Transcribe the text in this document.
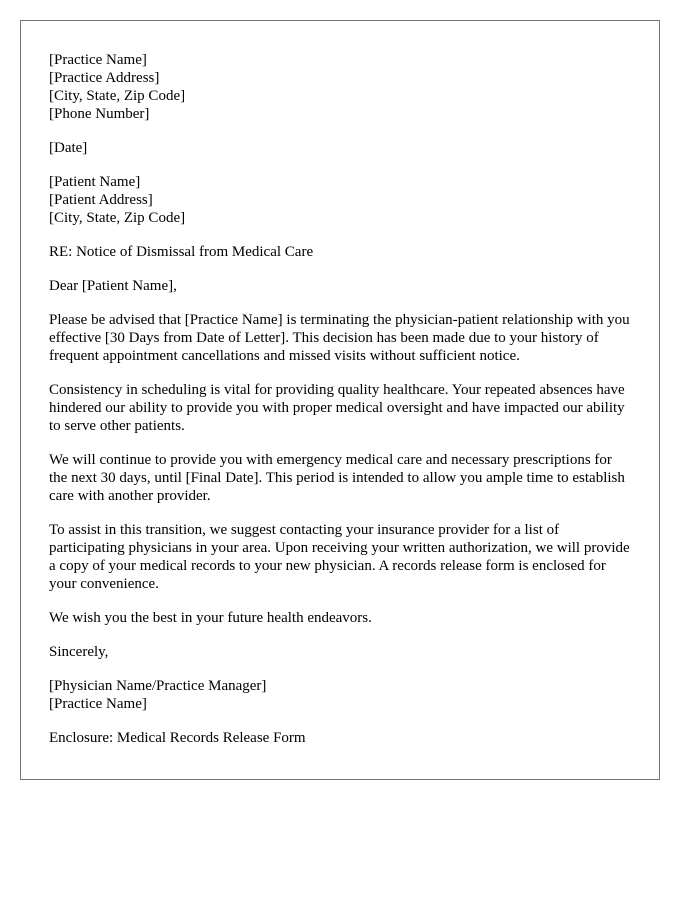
[Practice Name]
[Practice Address]
[City, State, Zip Code]
[Phone Number]
[Date]
[Patient Name]
[Patient Address]
[City, State, Zip Code]
RE: Notice of Dismissal from Medical Care
Dear [Patient Name],

Please be advised that [Practice Name] is terminating the physician-patient relationship with you effective [30 Days from Date of Letter]. This decision has been made due to your history of frequent appointment cancellations and missed visits without sufficient notice.

Consistency in scheduling is vital for providing quality healthcare. Your repeated absences have hindered our ability to provide you with proper medical oversight and have impacted our ability to serve other patients.

We will continue to provide you with emergency medical care and necessary prescriptions for the next 30 days, until [Final Date]. This period is intended to allow you ample time to establish care with another provider.

To assist in this transition, we suggest contacting your insurance provider for a list of participating physicians in your area. Upon receiving your written authorization, we will provide a copy of your medical records to your new physician. A records release form is enclosed for your convenience.

We wish you the best in your future health endeavors.

Sincerely,
[Physician Name/Practice Manager]
[Practice Name]
Enclosure: Medical Records Release Form
